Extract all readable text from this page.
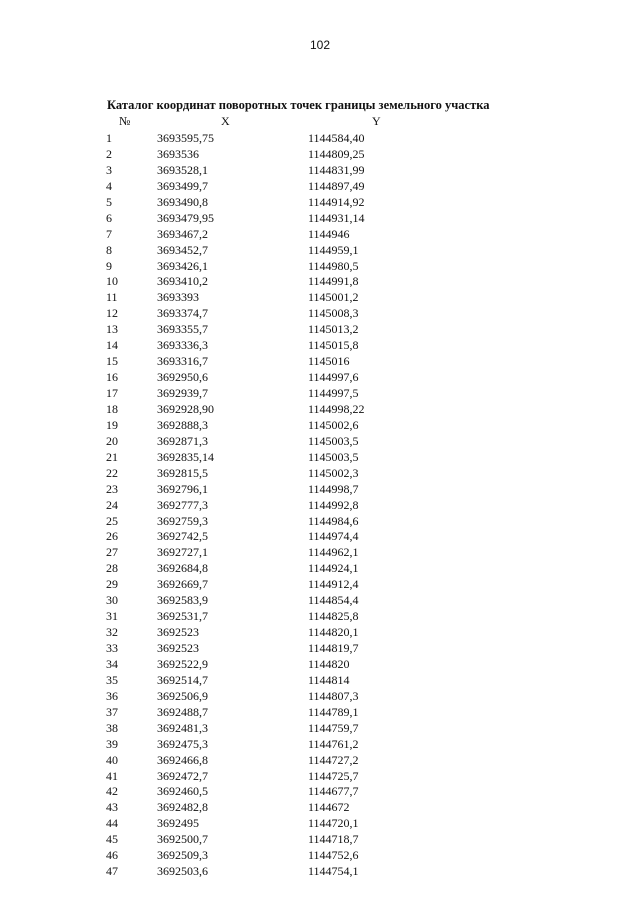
102
Каталог координат поворотных точек границы земельного участка
№	X	Y
1	3693595,75	1144584,40
2	3693536	1144809,25
3	3693528,1	1144831,99
4	3693499,7	1144897,49
5	3693490,8	1144914,92
6	3693479,95	1144931,14
7	3693467,2	1144946
8	3693452,7	1144959,1
9	3693426,1	1144980,5
10	3693410,2	1144991,8
11	3693393	1145001,2
12	3693374,7	1145008,3
13	3693355,7	1145013,2
14	3693336,3	1145015,8
15	3693316,7	1145016
16	3692950,6	1144997,6
17	3692939,7	1144997,5
18	3692928,90	1144998,22
19	3692888,3	1145002,6
20	3692871,3	1145003,5
21	3692835,14	1145003,5
22	3692815,5	1145002,3
23	3692796,1	1144998,7
24	3692777,3	1144992,8
25	3692759,3	1144984,6
26	3692742,5	1144974,4
27	3692727,1	1144962,1
28	3692684,8	1144924,1
29	3692669,7	1144912,4
30	3692583,9	1144854,4
31	3692531,7	1144825,8
32	3692523	1144820,1
33	3692523	1144819,7
34	3692522,9	1144820
35	3692514,7	1144814
36	3692506,9	1144807,3
37	3692488,7	1144789,1
38	3692481,3	1144759,7
39	3692475,3	1144761,2
40	3692466,8	1144727,2
41	3692472,7	1144725,7
42	3692460,5	1144677,7
43	3692482,8	1144672
44	3692495	1144720,1
45	3692500,7	1144718,7
46	3692509,3	1144752,6
47	3692503,6	1144754,1
